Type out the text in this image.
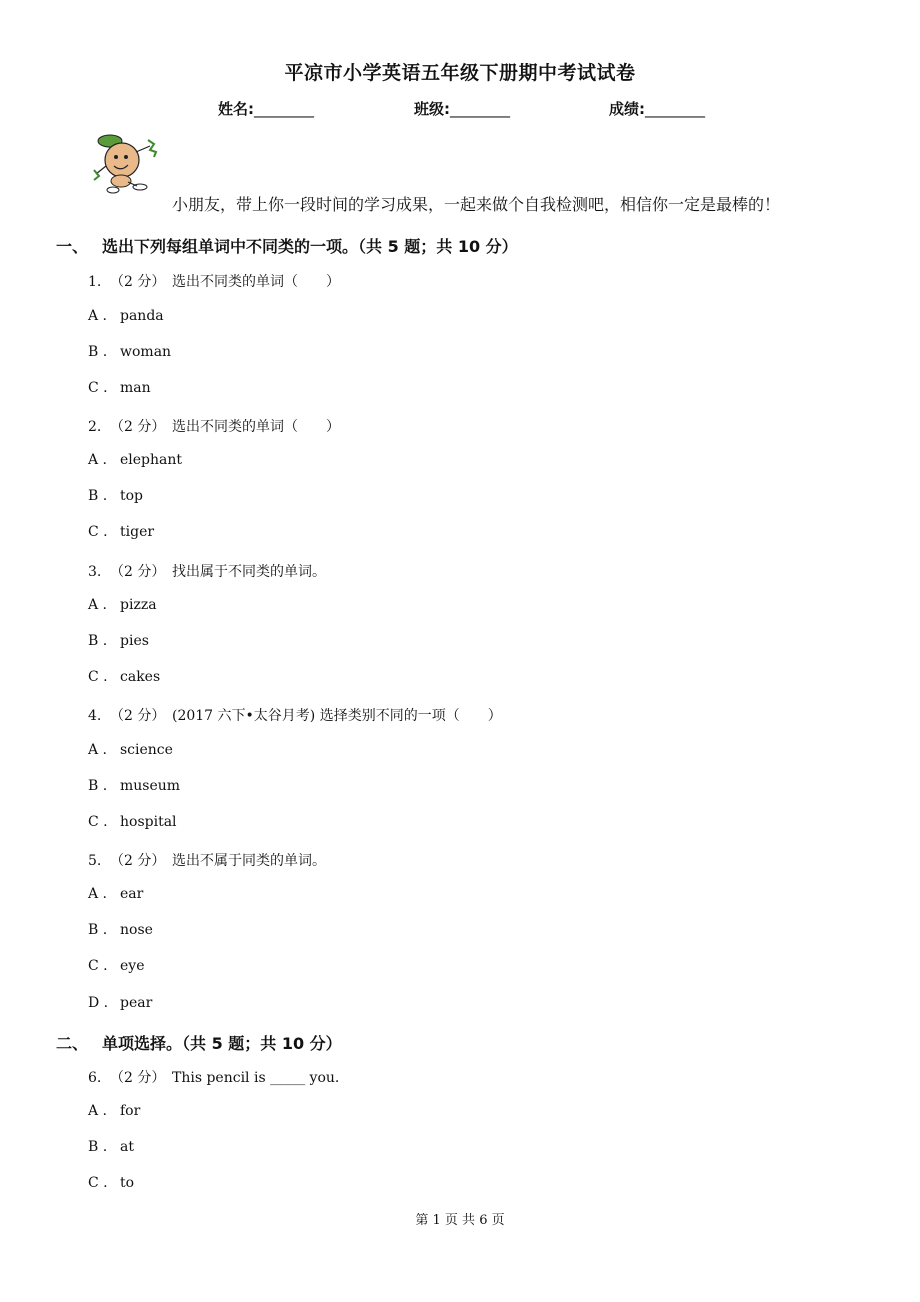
平凉市小学英语五年级下册期中考试试卷
姓名:________	班级:________	成绩:________
小朋友，带上你一段时间的学习成果，一起来做个自我检测吧，相信你一定是最棒的！
一、 选出下列每组单词中不同类的一项。（共 5 题；共 10 分）
1. （2 分） 选出不同类的单词（　　）
A . panda
B . woman
C . man
2. （2 分） 选出不同类的单词（　　）
A . elephant
B . top
C . tiger
3. （2 分） 找出属于不同类的单词。
A . pizza
B . pies
C . cakes
4. （2 分） (2017 六下•太谷月考) 选择类别不同的一项（　　）
A . science
B . museum
C . hospital
5. （2 分） 选出不属于同类的单词。
A . ear
B . nose
C . eye
D . pear
二、 单项选择。（共 5 题；共 10 分）
6. （2 分） This pencil is _____ you.
A . for
B . at
C . to
第 1 页 共 6 页
